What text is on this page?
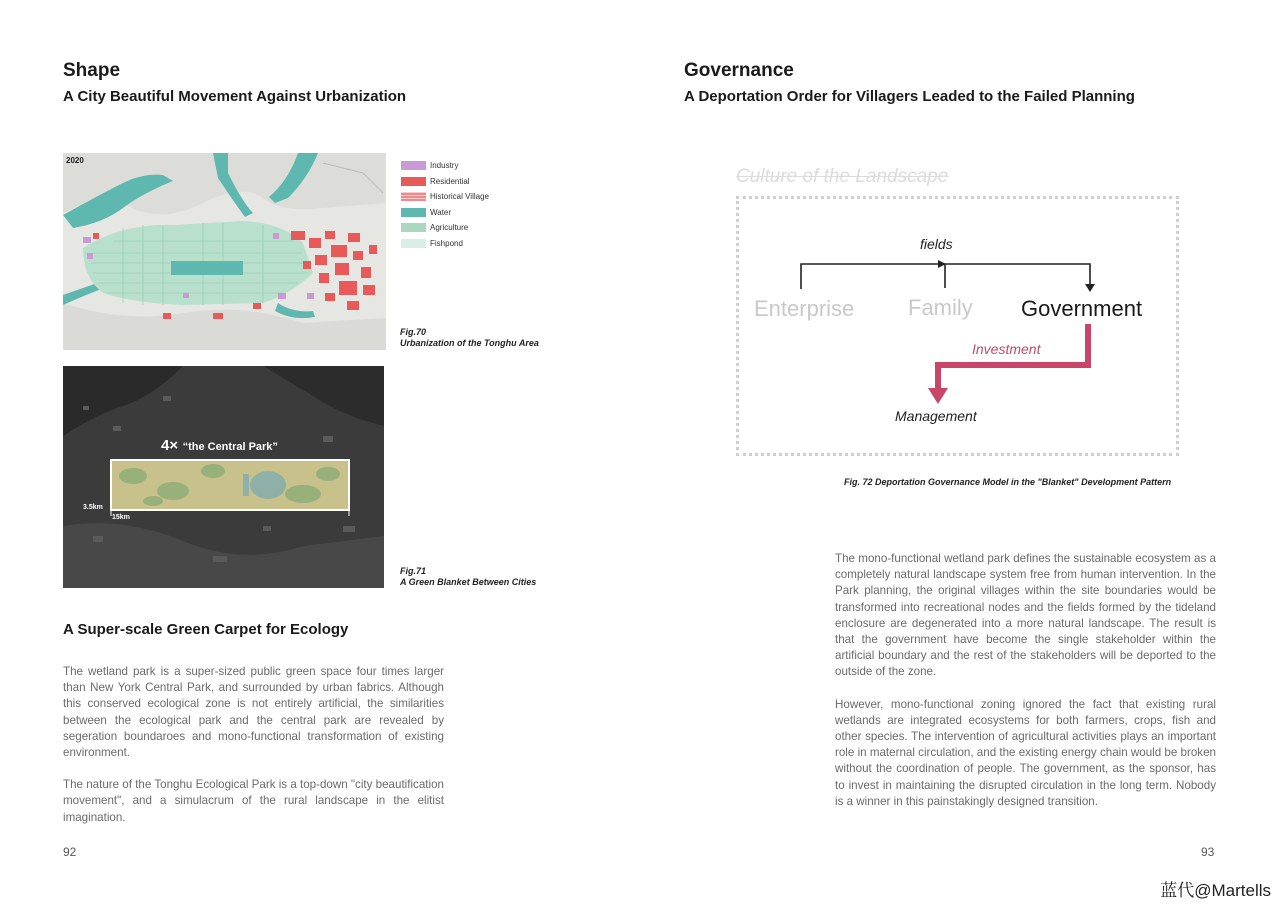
Shape
A City Beautiful Movement Against Urbanization
2020
Industry
Residential
Historical Village
Water
Agriculture
Fishpond
Fig.70
Urbanization of the Tonghu Area
4× “the Central Park”
3.5km
15km
Fig.71
A Green Blanket Between Cities
A Super-scale Green Carpet for Ecology

The wetland park is a super-sized public green space four times larger than New York Central Park, and surrounded by urban fabrics. Although this conserved ecological zone is not entirely artificial, the similarities between the ecological park and the central park are revealed by segeration boundaroes and mono-functional transformation of existing environment.

The nature of the Tonghu Ecological Park is a top-down "city beautification movement", and a simulacrum of the rural landscape in the elitist imagination.

92
Governance
A Deportation Order for Villagers Leaded to the Failed Planning
Culture of the Landscape
fields
Enterprise Family Government
Investment
Management
Fig. 72 Deportation Governance Model in the "Blanket" Development Pattern

The mono-functional wetland park defines the sustainable ecosystem as a completely natural landscape system free from human intervention. In the Park planning, the original villages within the site boundaries would be transformed into recreational nodes and the fields formed by the tideland enclosure are degenerated into a more natural landscape. The result is that the government have become the single stakeholder within the artificial boundary and the rest of the stakeholders will be deported to the outside of the zone.

However, mono-functional zoning ignored the fact that existing rural wetlands are integrated ecosystems for both farmers, crops, fish and other species. The intervention of agricultural activities plays an important role in maternal circulation, and the existing energy chain would be broken without the coordination of people. The government, as the sponsor, has to invest in maintaining the disrupted circulation in the long term. Nobody is a winner in this painstakingly designed transition.

93
蓝代@Martells
